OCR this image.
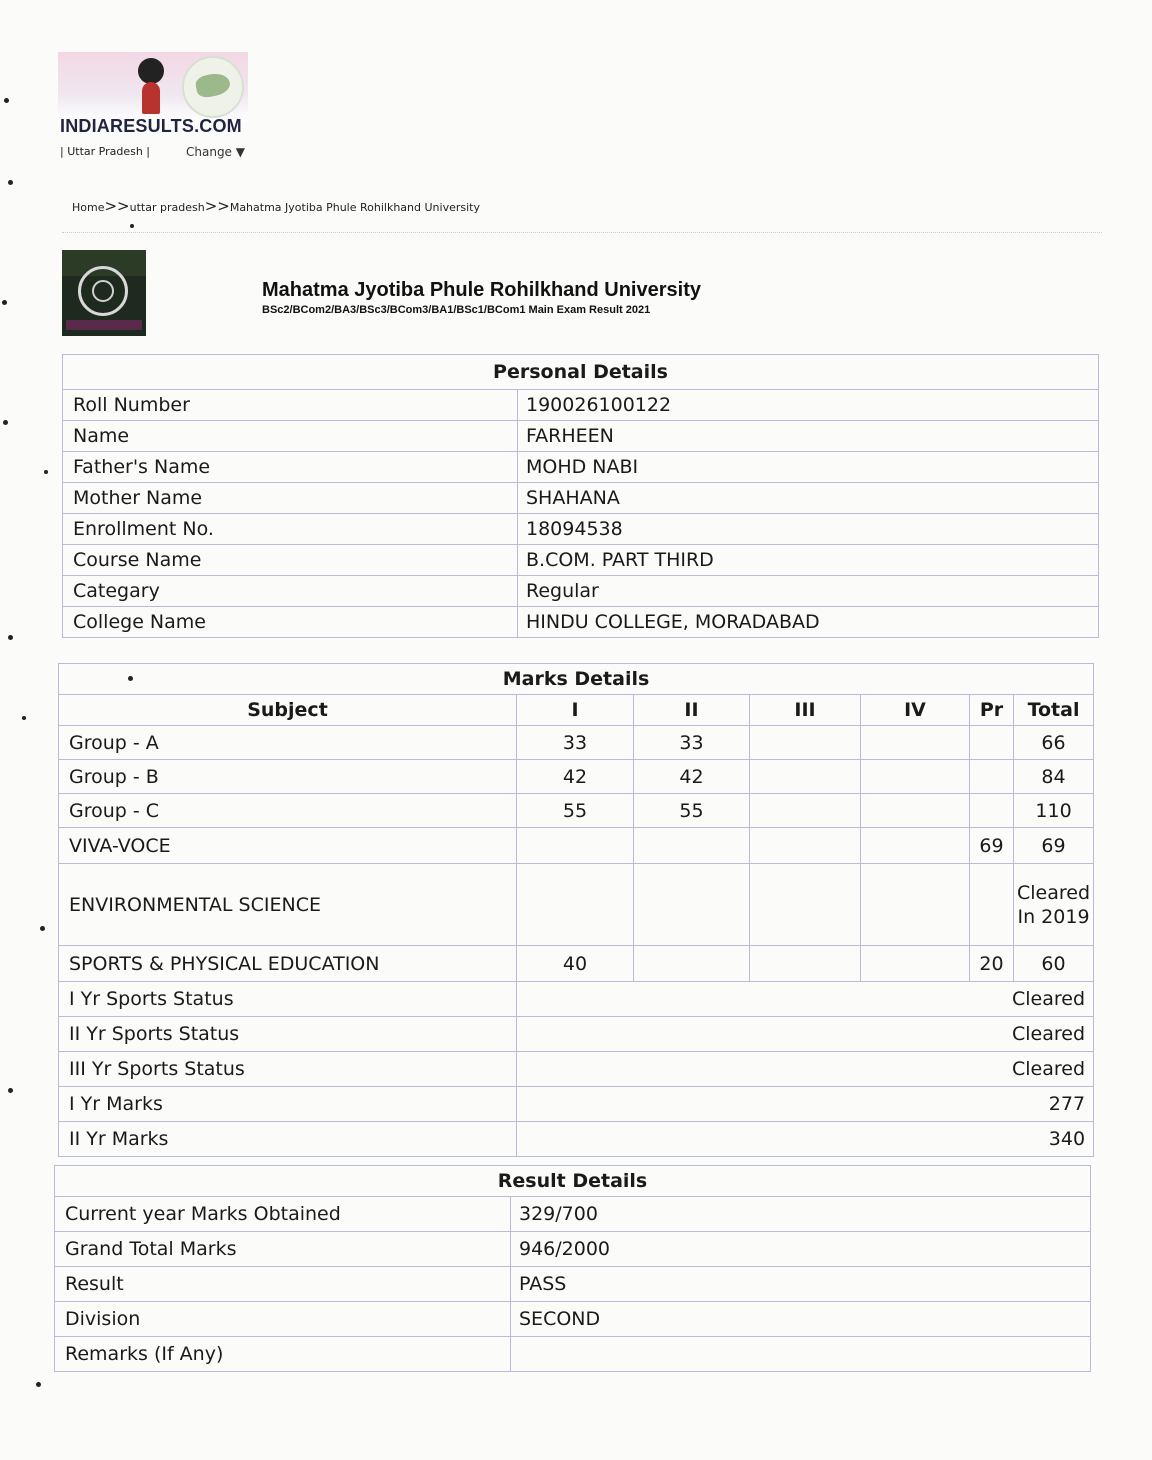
INDIARESULTS.COM
| Uttar Pradesh |	Change ▼
Home>>uttar pradesh>>Mahatma Jyotiba Phule Rohilkhand University
Mahatma Jyotiba Phule Rohilkhand University
BSc2/BCom2/BA3/BSc3/BCom3/BA1/BSc1/BCom1 Main Exam Result 2021
Personal Details	
Roll Number	190026100122
Name	FARHEEN
Father's Name	MOHD NABI
Mother Name	SHAHANA
Enrollment No.	18094538
Course Name	B.COM. PART THIRD
Categary	Regular
College Name	HINDU COLLEGE, MORADABAD
Marks Details						
Subject	I	II	III	IV	Pr	Total
Group - A	33	33				66
Group - B	42	42				84
Group - C	55	55				110
VIVA-VOCE					69	69
ENVIRONMENTAL SCIENCE						Cleared In 2019
SPORTS & PHYSICAL EDUCATION	40				20	60
I Yr Sports Status	Cleared					
II Yr Sports Status	Cleared					
III Yr Sports Status	Cleared					
I Yr Marks	277					
II Yr Marks	340					
Result Details	
Current year Marks Obtained	329/700
Grand Total Marks	946/2000
Result	PASS
Division	SECOND
Remarks (If Any)	
